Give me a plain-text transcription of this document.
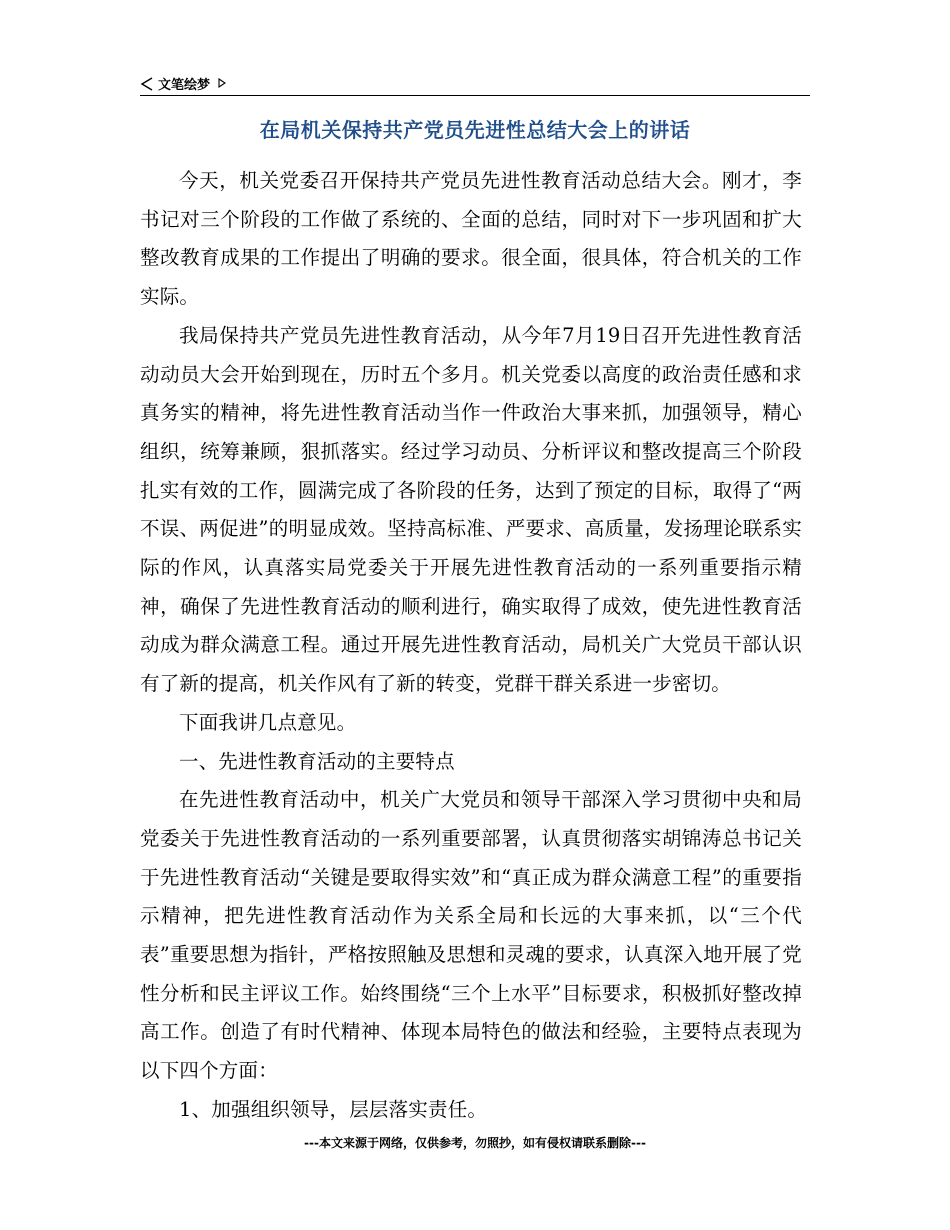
文笔绘梦
在局机关保持共产党员先进性总结大会上的讲话

今天，机关党委召开保持共产党员先进性教育活动总结大会。刚才，李书记对三个阶段的工作做了系统的、全面的总结，同时对下一步巩固和扩大整改教育成果的工作提出了明确的要求。很全面，很具体，符合机关的工作实际。

我局保持共产党员先进性教育活动，从今年7月19日召开先进性教育活动动员大会开始到现在，历时五个多月。机关党委以高度的政治责任感和求真务实的精神，将先进性教育活动当作一件政治大事来抓，加强领导，精心组织，统筹兼顾，狠抓落实。经过学习动员、分析评议和整改提高三个阶段扎实有效的工作，圆满完成了各阶段的任务，达到了预定的目标，取得了“两不误、两促进”的明显成效。坚持高标准、严要求、高质量，发扬理论联系实际的作风，认真落实局党委关于开展先进性教育活动的一系列重要指示精神，确保了先进性教育活动的顺利进行，确实取得了成效，使先进性教育活动成为群众满意工程。通过开展先进性教育活动，局机关广大党员干部认识有了新的提高，机关作风有了新的转变，党群干群关系进一步密切。

下面我讲几点意见。

一、先进性教育活动的主要特点

在先进性教育活动中，机关广大党员和领导干部深入学习贯彻中央和局党委关于先进性教育活动的一系列重要部署，认真贯彻落实胡锦涛总书记关于先进性教育活动“关键是要取得实效”和“真正成为群众满意工程”的重要指示精神，把先进性教育活动作为关系全局和长远的大事来抓，以“三个代表”重要思想为指针，严格按照触及思想和灵魂的要求，认真深入地开展了党性分析和民主评议工作。始终围绕“三个上水平”目标要求，积极抓好整改掉高工作。创造了有时代精神、体现本局特色的做法和经验，主要特点表现为以下四个方面：

1、加强组织领导，层层落实责任。

---本文来源于网络，仅供参考，勿照抄，如有侵权请联系删除---
